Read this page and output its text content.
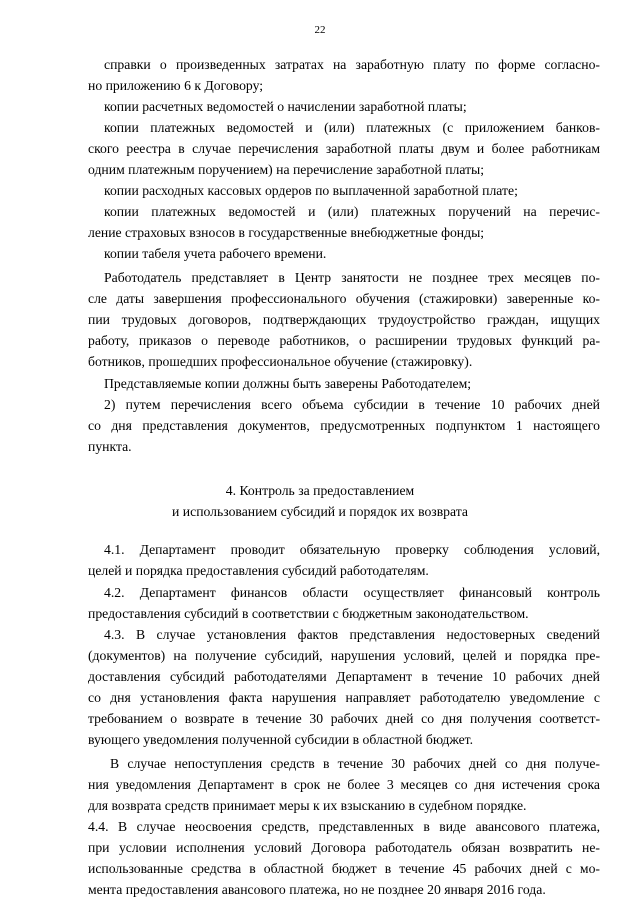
22
справки о произведенных затратах на заработную плату по форме согласно-
но приложению 6 к Договору;
копии расчетных ведомостей о начислении заработной платы;
копии платежных ведомостей и (или) платежных (с приложением банков-
ского реестра в случае перечисления заработной платы двум и более работникам
одним платежным поручением) на перечисление заработной платы;
копии расходных кассовых ордеров по выплаченной заработной плате;
копии платежных ведомостей и (или) платежных поручений на перечис-
ление страховых взносов в государственные внебюджетные фонды;
копии табеля учета рабочего времени.
Работодатель представляет в Центр занятости не позднее трех месяцев по-
сле даты завершения профессионального обучения (стажировки) заверенные ко-
пии трудовых договоров, подтверждающих трудоустройство граждан, ищущих
работу, приказов о переводе работников, о расширении трудовых функций ра-
ботников, прошедших профессиональное обучение (стажировку).
Представляемые копии должны быть заверены Работодателем;
2) путем перечисления всего объема субсидии в течение 10 рабочих дней
со дня представления документов, предусмотренных подпунктом 1 настоящего
пункта.
4. Контроль за предоставлением
и использованием субсидий и порядок их возврата
4.1. Департамент проводит обязательную проверку соблюдения условий,
целей и порядка предоставления субсидий работодателям.
4.2. Департамент финансов области осуществляет финансовый контроль
предоставления субсидий в соответствии с бюджетным законодательством.
4.3. В случае установления фактов представления недостоверных сведений
(документов) на получение субсидий, нарушения условий, целей и порядка пре-
доставления субсидий работодателями Департамент в течение 10 рабочих дней
со дня установления факта нарушения направляет работодателю уведомление с
требованием о возврате в течение 30 рабочих дней со дня получения соответст-
вующего уведомления полученной субсидии в областной бюджет.
В случае непоступления средств в течение 30 рабочих дней со дня получе-
ния уведомления Департамент в срок не более 3 месяцев со дня истечения срока
для возврата средств принимает меры к их взысканию в судебном порядке.
4.4. В случае неосвоения средств, представленных в виде авансового платежа,
при условии исполнения условий Договора работодатель обязан возвратить не-
использованные средства в областной бюджет в течение 45 рабочих дней с мо-
мента предоставления авансового платежа, но не позднее 20 января 2016 года.
